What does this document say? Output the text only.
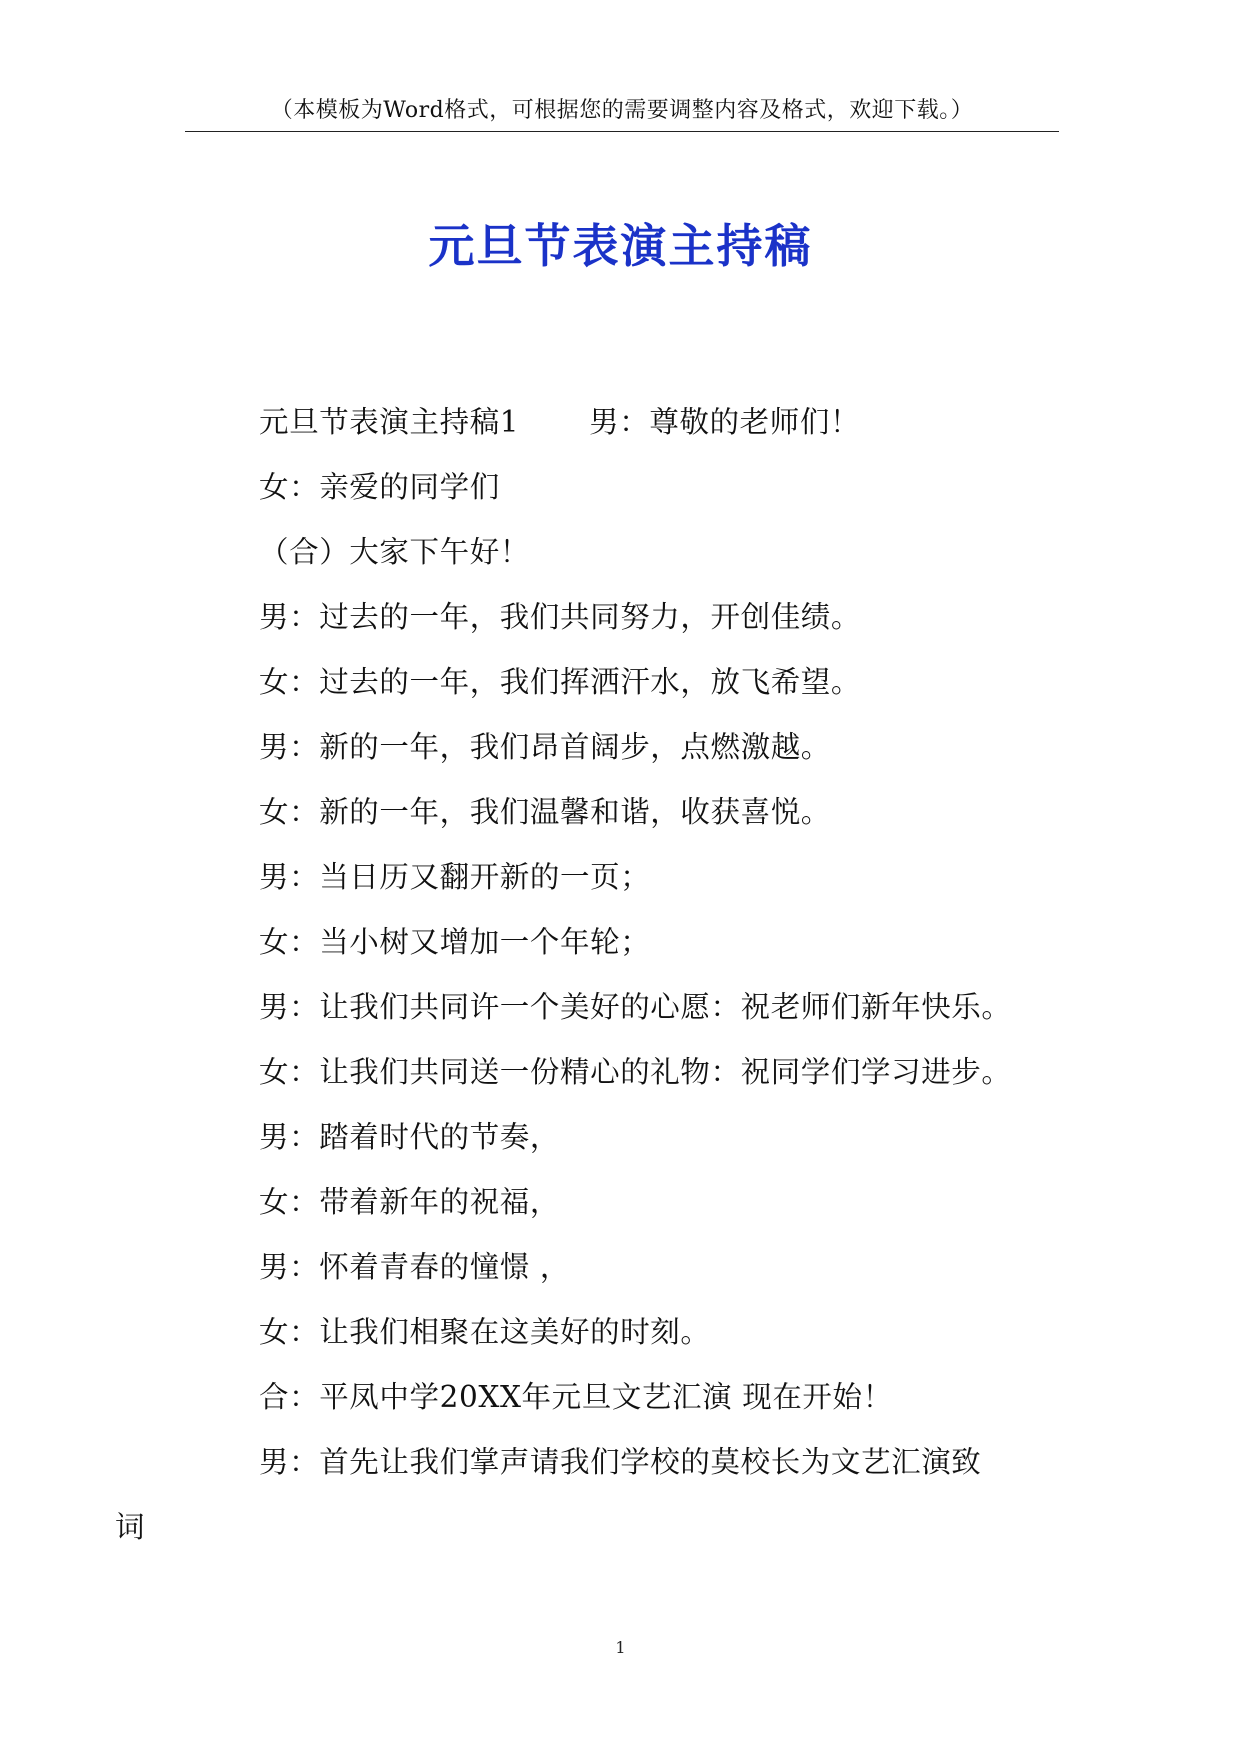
（本模板为Word格式，可根据您的需要调整内容及格式，欢迎下载。）
元旦节表演主持稿

元旦节表演主持稿1 男：尊敬的老师们！

女：亲爱的同学们

（合）大家下午好！

男：过去的一年，我们共同努力，开创佳绩。

女：过去的一年，我们挥洒汗水，放飞希望。

男：新的一年，我们昂首阔步，点燃激越。

女：新的一年，我们温馨和谐，收获喜悦。

男：当日历又翻开新的一页；

女：当小树又增加一个年轮；

男：让我们共同许一个美好的心愿：祝老师们新年快乐。

女：让我们共同送一份精心的礼物：祝同学们学习进步。

男：踏着时代的节奏，

女：带着新年的祝福，

男：怀着青春的憧憬 ，

女：让我们相聚在这美好的时刻。

合：平凤中学20XX年元旦文艺汇演 现在开始！

男：首先让我们掌声请我们学校的莫校长为文艺汇演致词

1
